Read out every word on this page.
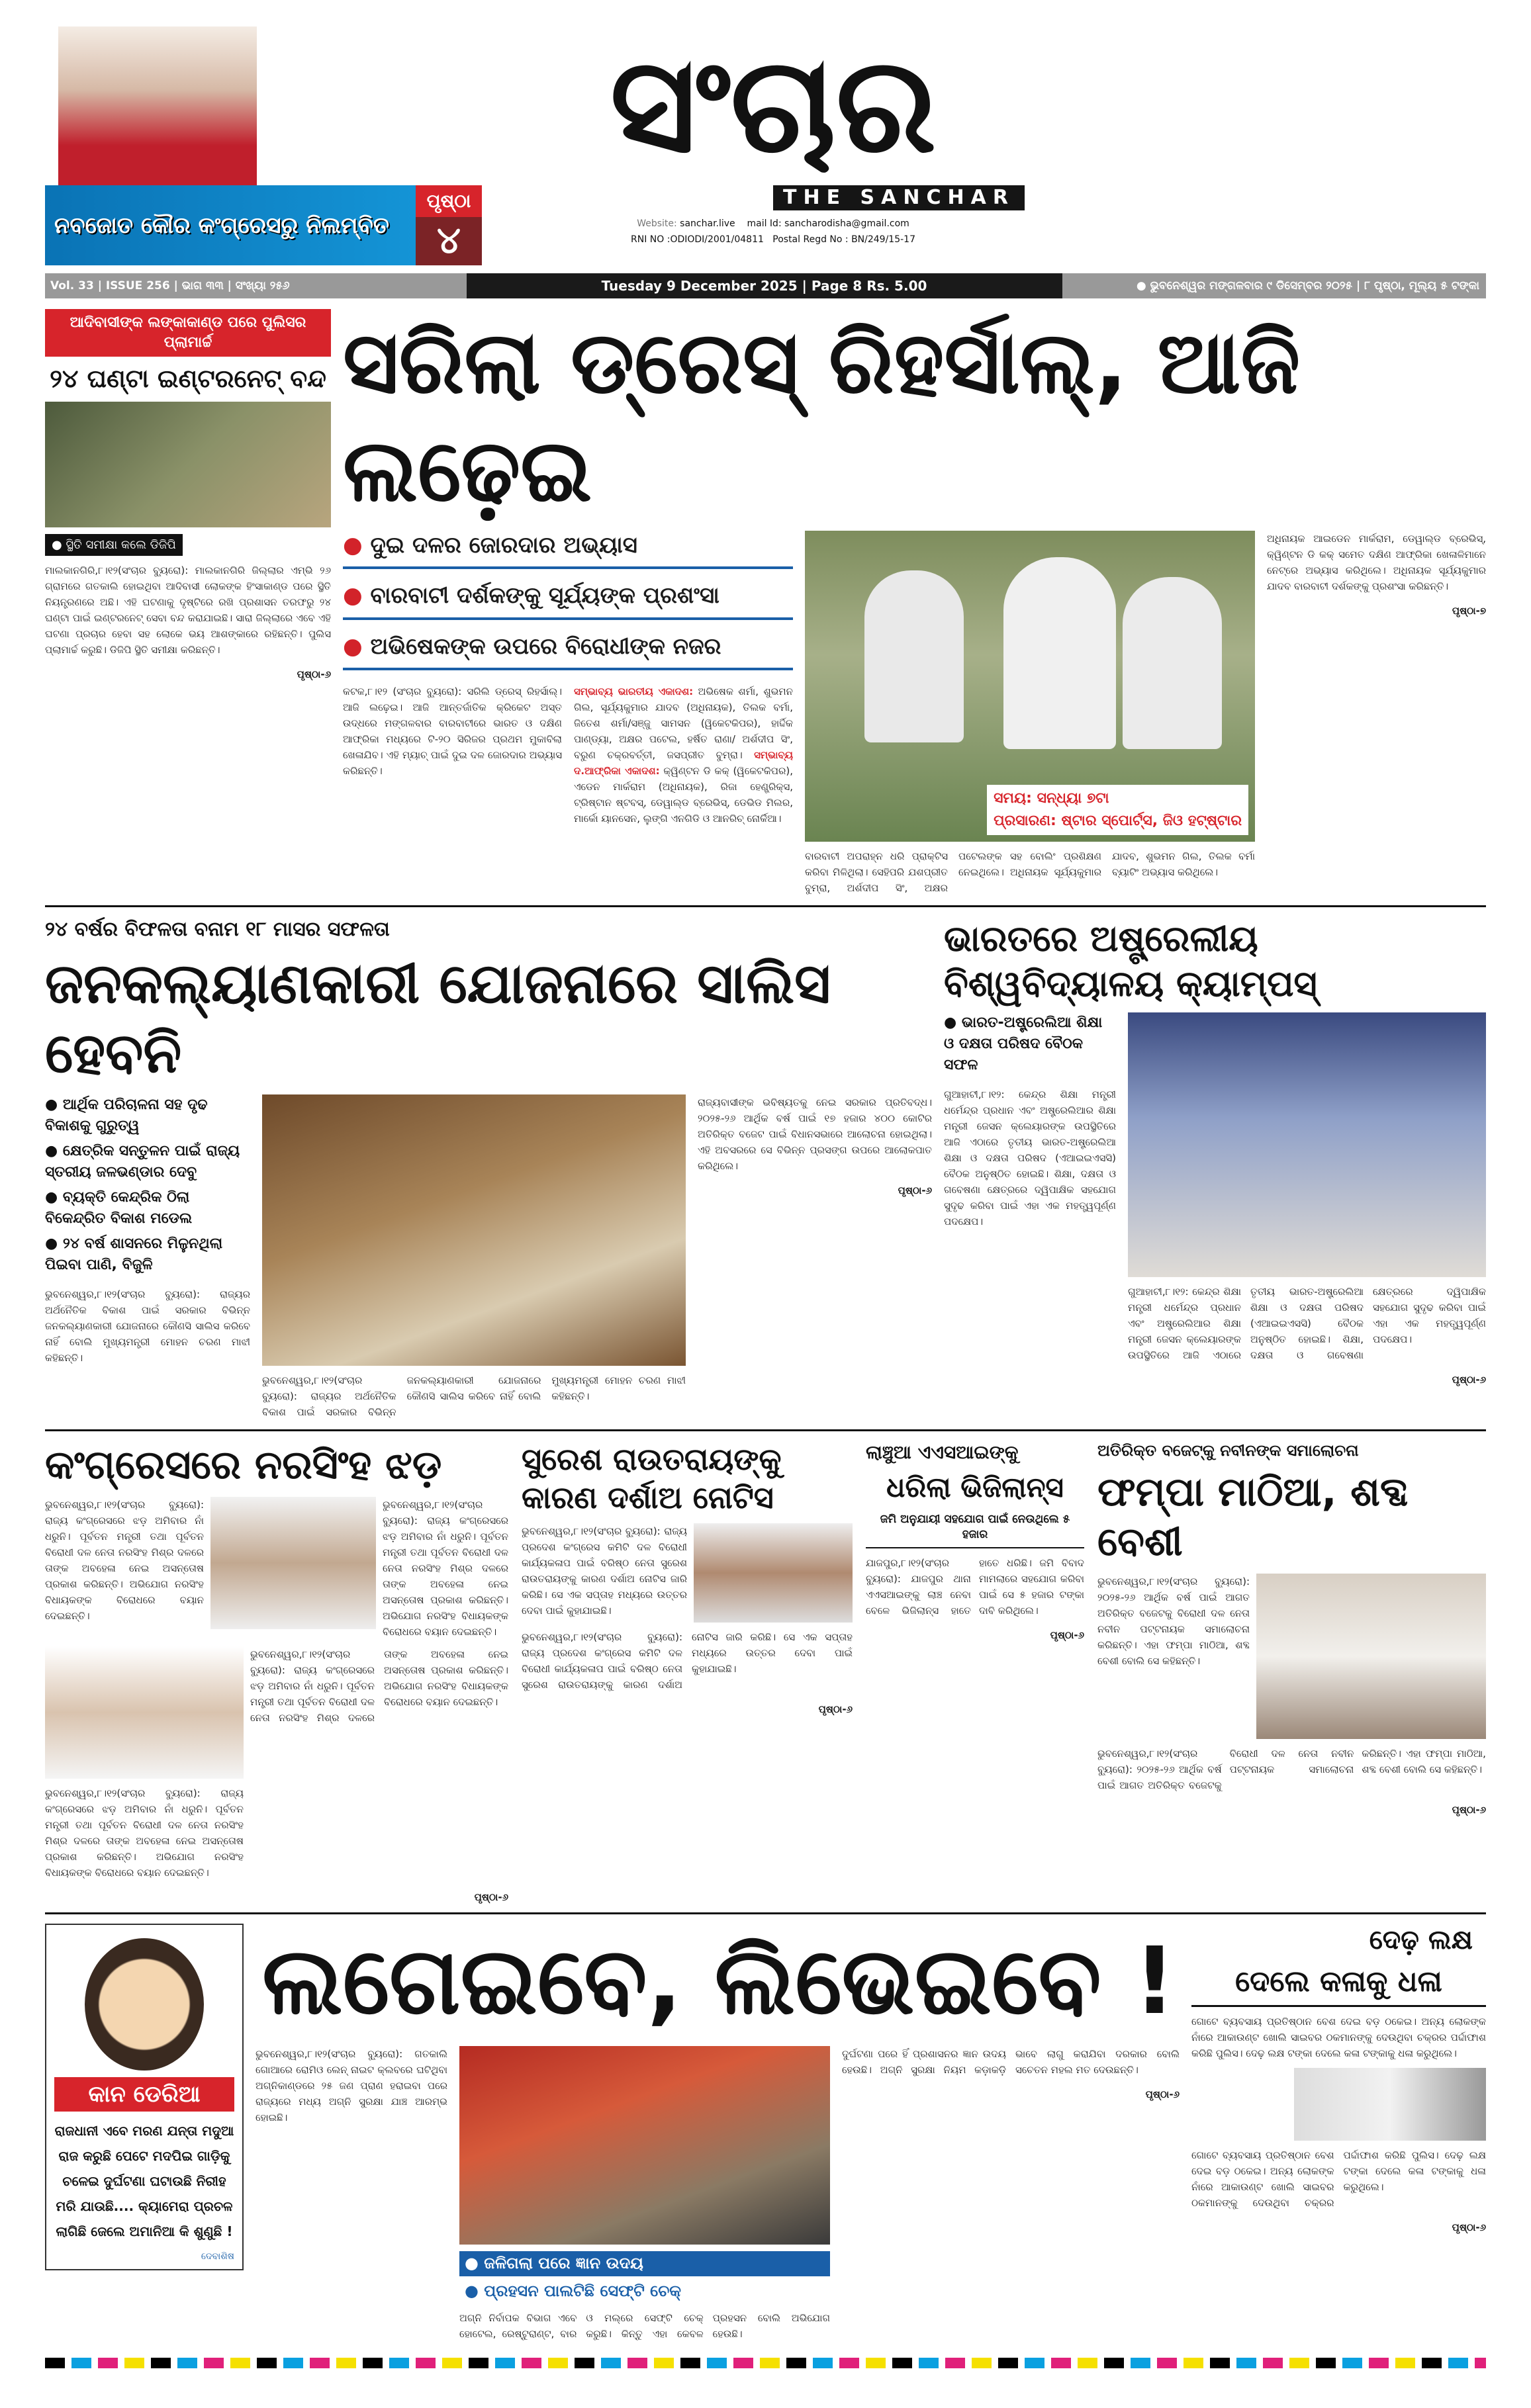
ନବଜୋତ କୌର କଂଗ୍ରେସରୁ ନିଲମ୍ବିତ
ପୃଷ୍ଠା
୪
ସଂଚାର
THE SANCHAR
Website: sanchar.live mail Id: sancharodisha@gmail.com
RNI NO :ODIODI/2001/04811 Postal Regd No : BN/249/15-17
Vol. 33 | ISSUE 256 | ଭାଗ ୩୩ | ସଂଖ୍ୟା ୨୫୬	Tuesday 9 December 2025 | Page 8 Rs. 5.00	● ଭୁବନେଶ୍ୱର ମଙ୍ଗଳବାର ୯ ଡିସେମ୍ବର ୨୦୨୫ | ୮ ପୃଷ୍ଠା, ମୂଲ୍ୟ ୫ ଟଙ୍କା
ଆଦିବାସୀଙ୍କ ଲଙ୍କାକାଣ୍ଡ ପରେ ପୁଲିସର ପ୍ଲାମାର୍ଚ୍ଚ
୨୪ ଘଣ୍ଟା ଇଣ୍ଟରନେଟ୍ ବନ୍ଦ
● ସ୍ଥିତି ସମୀକ୍ଷା କଲେ ଡିଜିପି
ମାଲକାନଗିରି,୮।୧୨(ସଂଚାର ବ୍ୟୁରୋ): ମାଲକାନଗିରି ଜିଲ୍ଲାର ଏମ୍‌ଭି ୨୬ ଗ୍ରାମରେ ଗତକାଲି ହୋଇଥିବା ଆଦିବାସୀ ଲୋକଙ୍କ ହିଂସାକାଣ୍ଡ ପରେ ସ୍ଥିତି ନିୟନ୍ତ୍ରଣରେ ଅଛି। ଏହି ଘଟଣାକୁ ଦୃଷ୍ଟିରେ ରଖି ପ୍ରଶାସନ ତରଫରୁ ୨୪ ଘଣ୍ଟା ପାଇଁ ଇଣ୍ଟରନେଟ୍ ସେବା ବନ୍ଦ କରାଯାଇଛି। ସାରା ଜିଲ୍ଲାରେ ଏବେ ଏହି ଘଟଣା ପ୍ରଚାର ହେବା ସହ ଲୋକେ ଭୟ ଆଶଙ୍କାରେ ରହିଛନ୍ତି। ପୁଲିସ ପ୍ଲାମାର୍ଚ୍ଚ କରୁଛି। ଡିଜିପି ସ୍ଥିତି ସମୀକ୍ଷା କରିଛନ୍ତି।
ପୃଷ୍ଠା-୬
ସରିଲା ଡ୍ରେସ୍ ରିହର୍ସାଲ୍, ଆଜି ଲଢ଼େଇ
● ଦୁଇ ଦଳର ଜୋରଦାର ଅଭ୍ୟାସ
● ବାରବାଟୀ ଦର୍ଶକଙ୍କୁ ସୂର୍ଯ୍ୟଙ୍କ ପ୍ରଶଂସା
● ଅଭିଷେକଙ୍କ ଉପରେ ବିରୋଧୀଙ୍କ ନଜର
କଟକ,୮।୧୨ (ସଂଚାର ବ୍ୟୁରୋ): ସରିଲି ଡ୍ରେସ୍ ରିହର୍ସାଲ୍। ଆଜି ଲଢ଼େଇ। ଆଜି ଆନ୍ତର୍ଜାତିକ କ୍ରିକେଟ ଅସ୍ତ ଉଦ୍ଧରେ ମଙ୍ଗଳବାର ବାରବାଟୀରେ ଭାରତ ଓ ଦକ୍ଷିଣ ଆଫ୍ରିକା ମଧ୍ୟରେ ଟି-୨୦ ସିରିଜର ପ୍ରଥମ ମୁକାବିଲା ଖେଳାଯିବ। ଏହି ମ୍ୟାଚ୍ ପାଇଁ ଦୁଇ ଦଳ ଜୋରଦାର ଅଭ୍ୟାସ କରିଛନ୍ତି।
ସମ୍ଭାବ୍ୟ ଭାରତୀୟ ଏକାଦଶ: ଅଭିଷେକ ଶର୍ମା, ଶୁଭମନ ଗିଲ, ସୂର୍ଯ୍ୟକୁମାର ଯାଦବ (ଅଧିନାୟକ), ତିଲକ ବର୍ମା, ଜିତେଶ ଶର୍ମା/ସଞ୍ଜୁ ସାମସନ (ୱିକେଟକିପର), ହାର୍ଦ୍ଦିକ ପାଣ୍ଡ୍ୟା, ଅକ୍ଷର ପଟେଲ, ହର୍ଷିତ ରାଣା/ ଅର୍ଶଦୀପ ସିଂ, ବରୁଣ ଚକ୍ରବର୍ତ୍ତୀ, ଜସପ୍ରୀତ ବୁମ୍‌ରା। ସମ୍ଭାବ୍ୟ ଦ.ଆଫ୍ରିକା ଏକାଦଶ: କ୍ୱିଣ୍ଟନ ଡି କକ୍ (ୱିକେଟକିପର), ଏଡେନ ମାର୍କରାମ (ଅଧିନାୟକ), ରିଜା ହେଣ୍ଡ୍ରିକ୍ସ, ଟ୍ରିଷ୍ଟାନ ଷ୍ଟବସ୍, ଡେୱାଲ୍ଡ ବ୍ରେଭିସ୍, ଡେଭିଡ ମିଲର, ମାର୍କୋ ୟାନସେନ, ଲୁଙ୍ଗି ଏନଗିଡି ଓ ଆନରିଚ୍ ନୋର୍କିଆ।
ସମୟ: ସନ୍ଧ୍ୟା ୭ଟା
ପ୍ରସାରଣ: ଷ୍ଟାର ସ୍ପୋର୍ଟ୍ସ, ଜିଓ ହଟ୍‌ଷ୍ଟାର
ବାରବାଟୀ ଅପରାହ୍ନ ଧରି ପ୍ରାକ୍ଟିସ କରିବା ମିଳିଥିଲା। ସେହିପରି ଯଶପ୍ରୀତ ବୁମ୍‌ରା, ଅର୍ଶଦୀପ ସିଂ, ଅକ୍ଷର ପଟେଲଙ୍କ ସହ ବୋଲିଂ ପ୍ରଶିକ୍ଷଣ ନେଇଥିଲେ। ଅଧିନାୟକ ସୂର୍ଯ୍ୟକୁମାର ଯାଦବ, ଶୁଭମନ ଗିଲ, ତିଲକ ବର୍ମା ବ୍ୟାଟିଂ ଅଭ୍ୟାସ କରିଥିଲେ।
ଅଧିନାୟକ ଆଇଡେନ ମାର୍କରାମ, ଡେୱାଲ୍ଡ ବ୍ରେଭିସ୍, କ୍ୱିଣ୍ଟନ ଡି କକ୍ ସମେତ ଦକ୍ଷିଣ ଆଫ୍ରିକା ଖେଳାଳିମାନେ ନେଟ୍‌ରେ ଅଭ୍ୟାସ କରିଥିଲେ। ଅଧିନାୟକ ସୂର୍ଯ୍ୟକୁମାର ଯାଦବ ବାରବାଟୀ ଦର୍ଶକଙ୍କୁ ପ୍ରଶଂସା କରିଛନ୍ତି।
ପୃଷ୍ଠା-୭
୨୪ ବର୍ଷର ବିଫଳତା ବନାମ ୧୮ ମାସର ସଫଳତା
ଜନକଲ୍ୟାଣକାରୀ ଯୋଜନାରେ ସାଲିସ ହେବନି
● ଆର୍ଥିକ ପରିଚାଳନା ସହ ଦୃଢ ବିକାଶକୁ ଗୁରୁତ୍ୱ
● କ୍ଷେତ୍ରିକ ସନ୍ତୁଳନ ପାଇଁ ରାଜ୍ୟ ସ୍ତରୀୟ ଜଳଭଣ୍ଡାର ଦେବୁ
● ବ୍ୟକ୍ତି କେନ୍ଦ୍ରିକ ଠିଲା ବିକେନ୍ଦ୍ରିତ ବିକାଶ ମଡେଲ
● ୨୪ ବର୍ଷ ଶାସନରେ ମିଳୁନଥିଲା ପିଇବା ପାଣି, ବିଜୁଳି
ଭୁବନେଶ୍ୱର,୮।୧୨(ସଂଚାର ବ୍ୟୁରୋ): ରାଜ୍ୟର ଅର୍ଥନୈତିକ ବିକାଶ ପାଇଁ ସରକାର ବିଭିନ୍ନ ଜନକଲ୍ୟାଣକାରୀ ଯୋଜନାରେ କୌଣସି ସାଲିସ କରିବେ ନାହିଁ ବୋଲି ମୁଖ୍ୟମନ୍ତ୍ରୀ ମୋହନ ଚରଣ ମାଝୀ କହିଛନ୍ତି।
ଭୁବନେଶ୍ୱର,୮।୧୨(ସଂଚାର ବ୍ୟୁରୋ): ରାଜ୍ୟର ଅର୍ଥନୈତିକ ବିକାଶ ପାଇଁ ସରକାର ବିଭିନ୍ନ ଜନକଲ୍ୟାଣକାରୀ ଯୋଜନାରେ କୌଣସି ସାଲିସ କରିବେ ନାହିଁ ବୋଲି ମୁଖ୍ୟମନ୍ତ୍ରୀ ମୋହନ ଚରଣ ମାଝୀ କହିଛନ୍ତି।
ରାଜ୍ୟବାସୀଙ୍କ ଭବିଷ୍ୟତକୁ ନେଇ ସରକାର ପ୍ରତିବଦ୍ଧ। ୨୦୨୫-୨୬ ଆର୍ଥିକ ବର୍ଷ ପାଇଁ ୧୭ ହଜାର ୪୦୦ କୋଟିର ଅତିରିକ୍ତ ବଜେଟ ପାଇଁ ବିଧାନସଭାରେ ଆଲୋଚନା ହୋଇଥିଲା। ଏହି ଅବସରରେ ସେ ବିଭିନ୍ନ ପ୍ରସଙ୍ଗ ଉପରେ ଆଲୋକପାତ କରିଥିଲେ।
ପୃଷ୍ଠା-୬
ଭାରତରେ ଅଷ୍ଟ୍ରେଲୀୟ ବିଶ୍ୱବିଦ୍ୟାଳୟ କ୍ୟାମ୍ପସ୍
● ଭାରତ-ଅଷ୍ଟ୍ରେଲିଆ ଶିକ୍ଷା ଓ ଦକ୍ଷତା ପରିଷଦ ବୈଠକ ସଫଳ
ଗୁଆହାଟୀ,୮।୧୨: କେନ୍ଦ୍ର ଶିକ୍ଷା ମନ୍ତ୍ରୀ ଧର୍ମେନ୍ଦ୍ର ପ୍ରଧାନ ଏବଂ ଅଷ୍ଟ୍ରେଲିଆର ଶିକ୍ଷା ମନ୍ତ୍ରୀ ଜେସନ କ୍ଲେୟାରଙ୍କ ଉପସ୍ଥିତିରେ ଆଜି ଏଠାରେ ତୃତୀୟ ଭାରତ-ଅଷ୍ଟ୍ରେଲିଆ ଶିକ୍ଷା ଓ ଦକ୍ଷତା ପରିଷଦ (ଏଆଇଇଏସସି) ବୈଠକ ଅନୁଷ୍ଠିତ ହୋଇଛି। ଶିକ୍ଷା, ଦକ୍ଷତା ଓ ଗବେଷଣା କ୍ଷେତ୍ରରେ ଦ୍ୱିପାକ୍ଷିକ ସହଯୋଗ ସୁଦୃଢ କରିବା ପାଇଁ ଏହା ଏକ ମହତ୍ତ୍ୱପୂର୍ଣ୍ଣ ପଦକ୍ଷେପ।
ଗୁଆହାଟୀ,୮।୧୨: କେନ୍ଦ୍ର ଶିକ୍ଷା ମନ୍ତ୍ରୀ ଧର୍ମେନ୍ଦ୍ର ପ୍ରଧାନ ଏବଂ ଅଷ୍ଟ୍ରେଲିଆର ଶିକ୍ଷା ମନ୍ତ୍ରୀ ଜେସନ କ୍ଲେୟାରଙ୍କ ଉପସ୍ଥିତିରେ ଆଜି ଏଠାରେ ତୃତୀୟ ଭାରତ-ଅଷ୍ଟ୍ରେଲିଆ ଶିକ୍ଷା ଓ ଦକ୍ଷତା ପରିଷଦ (ଏଆଇଇଏସସି) ବୈଠକ ଅନୁଷ୍ଠିତ ହୋଇଛି। ଶିକ୍ଷା, ଦକ୍ଷତା ଓ ଗବେଷଣା କ୍ଷେତ୍ରରେ ଦ୍ୱିପାକ୍ଷିକ ସହଯୋଗ ସୁଦୃଢ କରିବା ପାଇଁ ଏହା ଏକ ମହତ୍ତ୍ୱପୂର୍ଣ୍ଣ ପଦକ୍ଷେପ।
ପୃଷ୍ଠା-୬
କଂଗ୍ରେସରେ ନରସିଂହ ଝଡ଼
ଭୁବନେଶ୍ୱର,୮।୧୨(ସଂଚାର ବ୍ୟୁରୋ): ରାଜ୍ୟ କଂଗ୍ରେସରେ ଝଡ଼ ଅମିବାର ନାଁ ଧରୁନି। ପୂର୍ବତନ ମନ୍ତ୍ରୀ ତଥା ପୂର୍ବତନ ବିରୋଧୀ ଦଳ ନେତା ନରସିଂହ ମିଶ୍ର ଦଳରେ ତାଙ୍କ ଅବହେଳା ନେଇ ଅସନ୍ତୋଷ ପ୍ରକାଶ କରିଛନ୍ତି। ଅଭିଯୋଗ ନରସିଂହ ବିଧାୟକଙ୍କ ବିରୋଧରେ ବୟାନ ଦେଇଛନ୍ତି।
ଭୁବନେଶ୍ୱର,୮।୧୨(ସଂଚାର ବ୍ୟୁରୋ): ରାଜ୍ୟ କଂଗ୍ରେସରେ ଝଡ଼ ଅମିବାର ନାଁ ଧରୁନି। ପୂର୍ବତନ ମନ୍ତ୍ରୀ ତଥା ପୂର୍ବତନ ବିରୋଧୀ ଦଳ ନେତା ନରସିଂହ ମିଶ୍ର ଦଳରେ ତାଙ୍କ ଅବହେଳା ନେଇ ଅସନ୍ତୋଷ ପ୍ରକାଶ କରିଛନ୍ତି। ଅଭିଯୋଗ ନରସିଂହ ବିଧାୟକଙ୍କ ବିରୋଧରେ ବୟାନ ଦେଇଛନ୍ତି।
ଭୁବନେଶ୍ୱର,୮।୧୨(ସଂଚାର ବ୍ୟୁରୋ): ରାଜ୍ୟ କଂଗ୍ରେସରେ ଝଡ଼ ଅମିବାର ନାଁ ଧରୁନି। ପୂର୍ବତନ ମନ୍ତ୍ରୀ ତଥା ପୂର୍ବତନ ବିରୋଧୀ ଦଳ ନେତା ନରସିଂହ ମିଶ୍ର ଦଳରେ ତାଙ୍କ ଅବହେଳା ନେଇ ଅସନ୍ତୋଷ ପ୍ରକାଶ କରିଛନ୍ତି। ଅଭିଯୋଗ ନରସିଂହ ବିଧାୟକଙ୍କ ବିରୋଧରେ ବୟାନ ଦେଇଛନ୍ତି।
ଭୁବନେଶ୍ୱର,୮।୧୨(ସଂଚାର ବ୍ୟୁରୋ): ରାଜ୍ୟ କଂଗ୍ରେସରେ ଝଡ଼ ଅମିବାର ନାଁ ଧରୁନି। ପୂର୍ବତନ ମନ୍ତ୍ରୀ ତଥା ପୂର୍ବତନ ବିରୋଧୀ ଦଳ ନେତା ନରସିଂହ ମିଶ୍ର ଦଳରେ ତାଙ୍କ ଅବହେଳା ନେଇ ଅସନ୍ତୋଷ ପ୍ରକାଶ କରିଛନ୍ତି। ଅଭିଯୋଗ ନରସିଂହ ବିଧାୟକଙ୍କ ବିରୋଧରେ ବୟାନ ଦେଇଛନ୍ତି।
ପୃଷ୍ଠା-୬
ସୁରେଶ ରାଉତରାୟଙ୍କୁ କାରଣ ଦର୍ଶାଅ ନୋଟିସ
ଭୁବନେଶ୍ୱର,୮।୧୨(ସଂଚାର ବ୍ୟୁରୋ): ରାଜ୍ୟ ପ୍ରଦେଶ କଂଗ୍ରେସ କମିଟି ଦଳ ବିରୋଧୀ କାର୍ଯ୍ୟକଳାପ ପାଇଁ ବରିଷ୍ଠ ନେତା ସୁରେଶ ରାଉତରାୟଙ୍କୁ କାରଣ ଦର୍ଶାଅ ନୋଟିସ ଜାରି କରିଛି। ସେ ଏକ ସପ୍ତାହ ମଧ୍ୟରେ ଉତ୍ତର ଦେବା ପାଇଁ କୁହାଯାଇଛି।
ଭୁବନେଶ୍ୱର,୮।୧୨(ସଂଚାର ବ୍ୟୁରୋ): ରାଜ୍ୟ ପ୍ରଦେଶ କଂଗ୍ରେସ କମିଟି ଦଳ ବିରୋଧୀ କାର୍ଯ୍ୟକଳାପ ପାଇଁ ବରିଷ୍ଠ ନେତା ସୁରେଶ ରାଉତରାୟଙ୍କୁ କାରଣ ଦର୍ଶାଅ ନୋଟିସ ଜାରି କରିଛି। ସେ ଏକ ସପ୍ତାହ ମଧ୍ୟରେ ଉତ୍ତର ଦେବା ପାଇଁ କୁହାଯାଇଛି।
ପୃଷ୍ଠା-୬
ଲାଞ୍ଚୁଆ ଏଏସଆଇଙ୍କୁ
ଧରିଲା ଭିଜିଲାନ୍ସ
ଜମି ଅନୁଯାୟୀ ସହଯୋଗ ପାଇଁ ନେଉଥିଲେ ୫ ହଜାର
ଯାଜପୁର,୮।୧୨(ସଂଚାର ବ୍ୟୁରୋ): ଯାଜପୁର ଥାନା ଏଏସଆଇଙ୍କୁ ଲାଞ୍ଚ ନେବା ବେଳେ ଭିଜିଲାନ୍ସ ହାତେ ହାତେ ଧରିଛି। ଜମି ବିବାଦ ମାମଲାରେ ସହଯୋଗ କରିବା ପାଇଁ ସେ ୫ ହଜାର ଟଙ୍କା ଦାବି କରିଥିଲେ।
ପୃଷ୍ଠା-୬
ଅତିରିକ୍ତ ବଜେଟ୍‌କୁ ନବୀନଙ୍କ ସମାଲୋଚନା
ଫମ୍ପା ମାଠିଆ, ଶବ୍ଦ ବେଶୀ
ଭୁବନେଶ୍ୱର,୮।୧୨(ସଂଚାର ବ୍ୟୁରୋ): ୨୦୨୫-୨୬ ଆର୍ଥିକ ବର୍ଷ ପାଇଁ ଆଗତ ଅତିରିକ୍ତ ବଜେଟକୁ ବିରୋଧୀ ଦଳ ନେତା ନବୀନ ପଟ୍ଟନାୟକ ସମାଲୋଚନା କରିଛନ୍ତି। ଏହା ଫମ୍ପା ମାଠିଆ, ଶବ୍ଦ ବେଶୀ ବୋଲି ସେ କହିଛନ୍ତି।
ଭୁବନେଶ୍ୱର,୮।୧୨(ସଂଚାର ବ୍ୟୁରୋ): ୨୦୨୫-୨୬ ଆର୍ଥିକ ବର୍ଷ ପାଇଁ ଆଗତ ଅତିରିକ୍ତ ବଜେଟକୁ ବିରୋଧୀ ଦଳ ନେତା ନବୀନ ପଟ୍ଟନାୟକ ସମାଲୋଚନା କରିଛନ୍ତି। ଏହା ଫମ୍ପା ମାଠିଆ, ଶବ୍ଦ ବେଶୀ ବୋଲି ସେ କହିଛନ୍ତି।
ପୃଷ୍ଠା-୬
କାନ ଡେରିଆ
ରାଜଧାନୀ ଏବେ ମରଣ ଯନ୍ତା ମଦୁଆ ରାଜ କରୁଛି ପେଟେ ମଦପିଇ ଗାଡ଼ିକୁ ଚଳେଇ ଦୁର୍ଘଟଣା ଘଟାଉଛି ନିରୀହ ମରି ଯାଉଛି.... କ୍ୟାମେରା ପ୍ରଚଳ ଲାଗିଛି ଜେଲେ ଅମାନିଆ କି ଶୁଣୁଛି !
ଦେବାଶିଷ
ଲଗେଇବେ, ଲିଭେଇବେ !
ଭୁବନେଶ୍ୱର,୮।୧୨(ସଂଚାର ବ୍ୟୁରୋ): ଗତକାଲି ଗୋଆରେ ରୋମିଓ ଲେନ୍ ନାଇଟ କ୍ଲବରେ ଘଟିଥିବା ଅଗ୍ନିକାଣ୍ଡରେ ୨୫ ଜଣ ପ୍ରାଣ ହରାଇବା ପରେ ରାଜ୍ୟରେ ମଧ୍ୟ ଅଗ୍ନି ସୁରକ୍ଷା ଯାଞ୍ଚ ଆରମ୍ଭ ହୋଇଛି।
● ଜଳିଗଲା ପରେ ଜ୍ଞାନ ଉଦୟ
● ପ୍ରହସନ ପାଲଟିଛି ସେଫ୍ଟି ଚେକ୍
ଅଗ୍ନି ନିର୍ବାପକ ବିଭାଗ ଏବେ ହୋଟେଲ, ରେଷ୍ଟୁରାଣ୍ଟ, ବାର ଓ ମଲ୍‌ରେ ସେଫ୍ଟି ଚେକ୍ କରୁଛି। କିନ୍ତୁ ଏହା କେବଳ ପ୍ରହସନ ବୋଲି ଅଭିଯୋଗ ହେଉଛି।
ଦୁର୍ଘଟଣା ପରେ ହିଁ ପ୍ରଶାସନର ଜ୍ଞାନ ଉଦୟ ହେଉଛି। ଅଗ୍ନି ସୁରକ୍ଷା ନିୟମ କଡ଼ାକଡ଼ି ଭାବେ ଲାଗୁ କରାଯିବା ଦରକାର ବୋଲି ସଚେତନ ମହଲ ମତ ଦେଉଛନ୍ତି।
ପୃଷ୍ଠା-୬
ଦେଢ଼ ଲକ୍ଷ
ଦେଲେ କଳାକୁ ଧଳା
ଗୋଟେ ବ୍ୟବସାୟ ପ୍ରତିଷ୍ଠାନ ବେଶ ଦେଇ ବଡ଼ ଠକେଇ। ଅନ୍ୟ ଲୋକଙ୍କ ନାଁରେ ଆକାଉଣ୍ଟ ଖୋଲି ସାଇବର ଠକମାନଙ୍କୁ ଦେଉଥିବା ଚକ୍ରର ପର୍ଦ୍ଦାଫାଶ କରିଛି ପୁଲିସ। ଦେଢ଼ ଲକ୍ଷ ଟଙ୍କା ଦେଲେ କଳା ଟଙ୍କାକୁ ଧଳା କରୁଥିଲେ।
ଗୋଟେ ବ୍ୟବସାୟ ପ୍ରତିଷ୍ଠାନ ବେଶ ଦେଇ ବଡ଼ ଠକେଇ। ଅନ୍ୟ ଲୋକଙ୍କ ନାଁରେ ଆକାଉଣ୍ଟ ଖୋଲି ସାଇବର ଠକମାନଙ୍କୁ ଦେଉଥିବା ଚକ୍ରର ପର୍ଦ୍ଦାଫାଶ କରିଛି ପୁଲିସ। ଦେଢ଼ ଲକ୍ଷ ଟଙ୍କା ଦେଲେ କଳା ଟଙ୍କାକୁ ଧଳା କରୁଥିଲେ।
ପୃଷ୍ଠା-୬
